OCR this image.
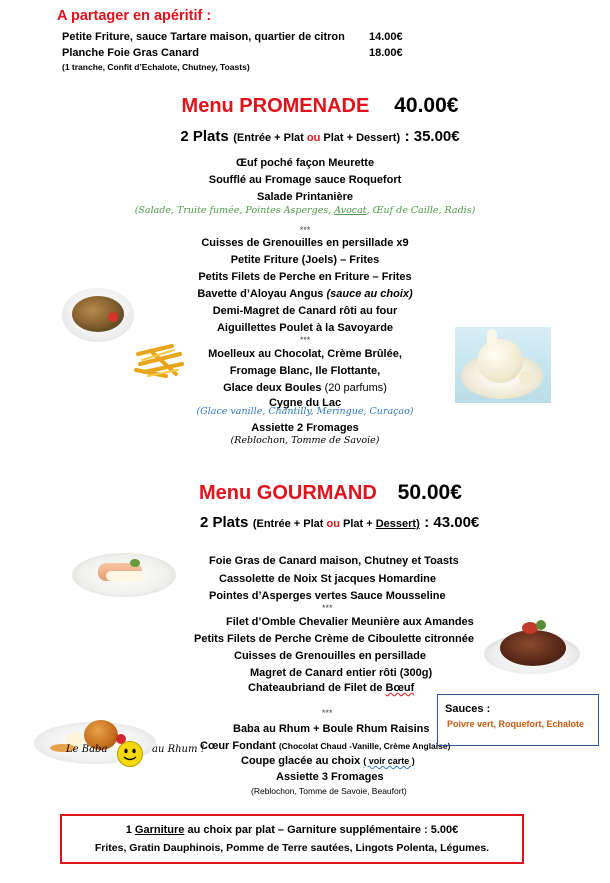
A partager en apéritif :
Petite Friture, sauce Tartare maison, quartier de citron 14.00€
Planche Foie Gras Canard	18.00€
(1 tranche, Confit d’Echalote, Chutney, Toasts)
Menu PROMENADE 40.00€
2 Plats (Entrée + Plat ou Plat + Dessert) : 35.00€
Œuf poché façon Meurette
Soufflé au Fromage sauce Roquefort
Salade Printanière
(Salade, Truite fumée, Pointes Asperges, Avocat, Œuf de Caille, Radis)
***
Cuisses de Grenouilles en persillade x9
Petite Friture (Joels) – Frites
Petits Filets de Perche en Friture – Frites
Bavette d’Aloyau Angus (sauce au choix)
Demi-Magret de Canard rôti au four
Aiguillettes Poulet à la Savoyarde
***
Moelleux au Chocolat, Crème Brûlée,
Fromage Blanc, Ile Flottante,
Glace deux Boules (20 parfums)
Cygne du Lac
(Glace vanille, Chantilly, Meringue, Curaçao)
Assiette 2 Fromages
(Reblochon, Tomme de Savoie)
Menu GOURMAND 50.00€
2 Plats (Entrée + Plat ou Plat + Dessert) : 43.00€
Foie Gras de Canard maison, Chutney et Toasts
Cassolette de Noix St jacques Homardine
Pointes d’Asperges vertes Sauce Mousseline
***
Filet d’Omble Chevalier Meunière aux Amandes
Petits Filets de Perche Crème de Ciboulette citronnée
Cuisses de Grenouilles en persillade
Magret de Canard entier rôti (300g)
Chateaubriand de Filet de Bœuf
***
Baba au Rhum + Boule Rhum Raisins
Cœur Fondant (Chocolat Chaud -Vanille, Crème Anglaise)
Coupe glacée au choix ( voir carte )
Assiette 3 Fromages
(Reblochon, Tomme de Savoie, Beaufort)
Sauces :
Poivre vert, Roquefort, Echalote
1 Garniture au choix par plat – Garniture supplémentaire : 5.00€
Frites, Gratin Dauphinois, Pomme de Terre sautées, Lingots Polenta, Légumes.
Le Baba	au Rhum !
